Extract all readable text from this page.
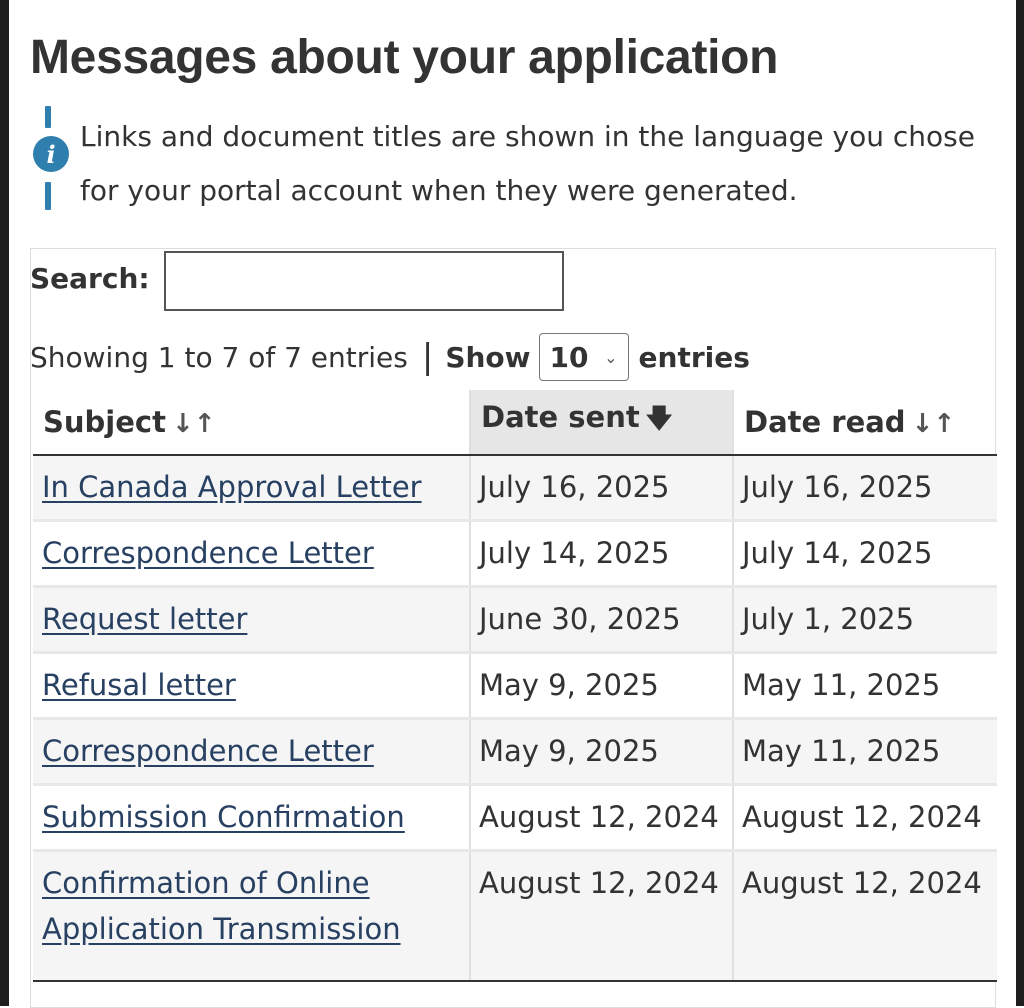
Messages about your application
i
Links and document titles are shown in the language you chose for your portal account when they were generated.
Search:
Showing 1 to 7 of 7 entries | Show 10 ⌄ entries
Subject ↓↑	Date sent 🡇	Date read ↓↑
In Canada Approval Letter	July 16, 2025	July 16, 2025
Correspondence Letter	July 14, 2025	July 14, 2025
Request letter	June 30, 2025	July 1, 2025
Refusal letter	May 9, 2025	May 11, 2025
Correspondence Letter	May 9, 2025	May 11, 2025
Submission Confirmation	August 12, 2024	August 12, 2024

Confirmation of Online Application Transmission	August 12, 2024	August 12, 2024
